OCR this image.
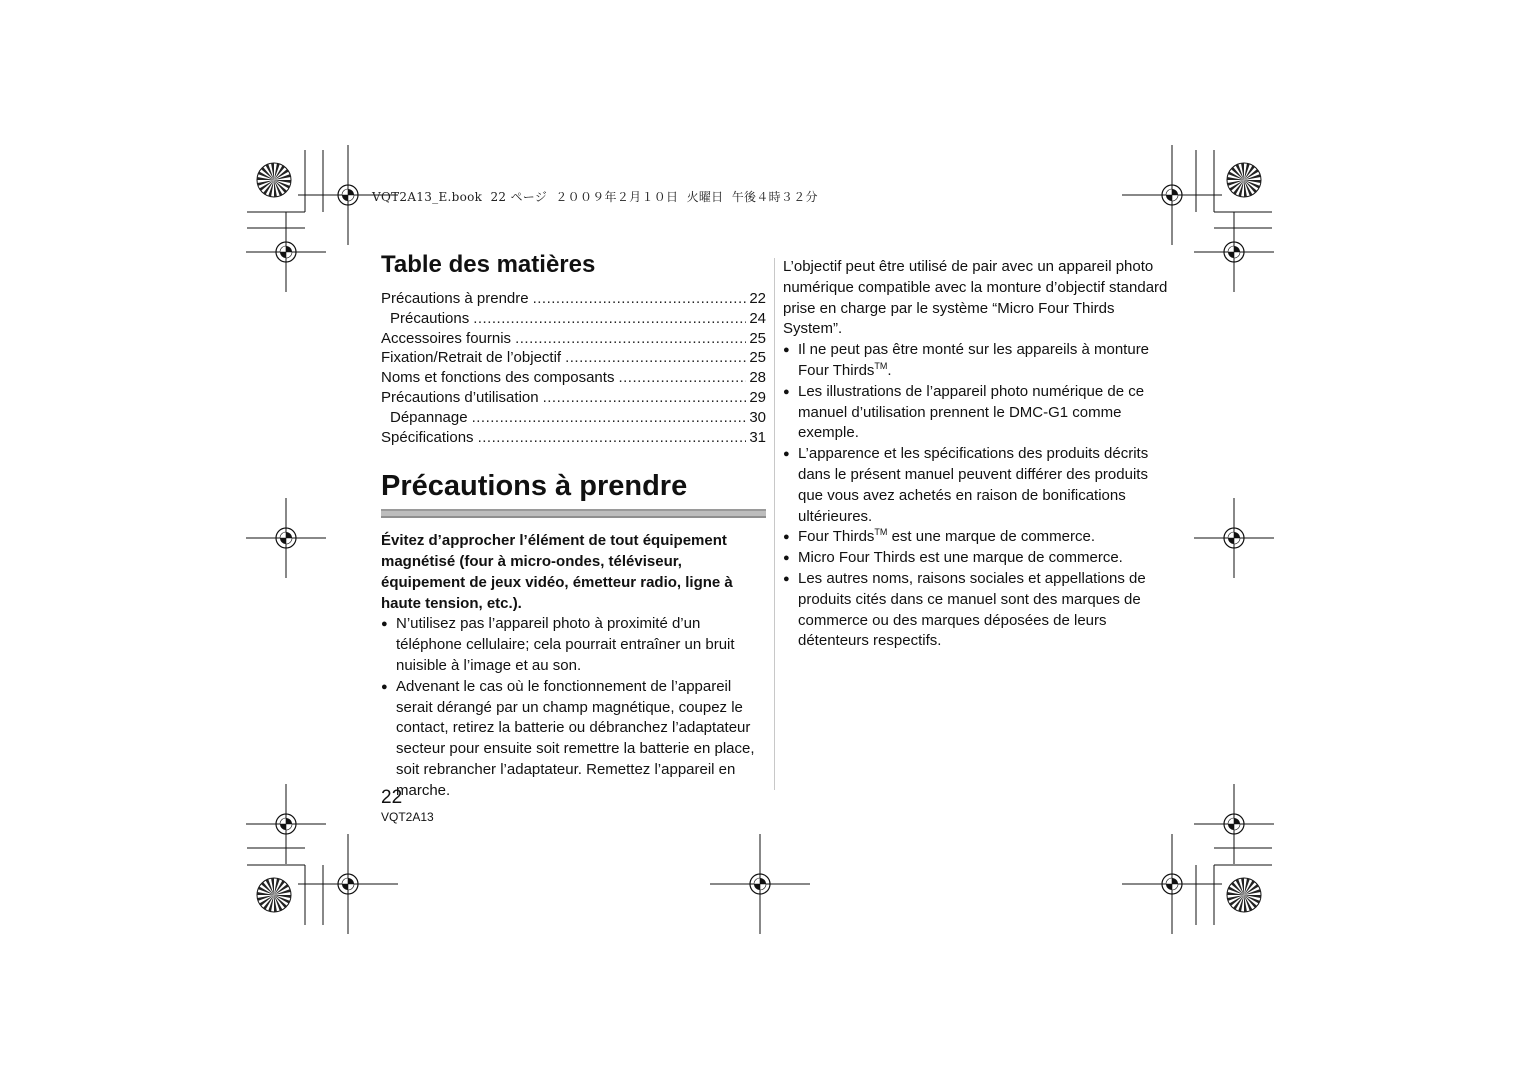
VQT2A13_E.book  22 ページ  ２００９年２月１０日  火曜日  午後４時３２分
Table des matières
Précautions à prendre .....	22
Précautions .....	24
Accessoires fournis .....	25
Fixation/Retrait de l’objectif .....	25
Noms et fonctions des composants .....	28
Précautions d’utilisation .....	29
Dépannage .....	30
Spécifications .....	31
Précautions à prendre

Évitez d’approcher l’élément de tout équipement magnétisé (four à micro-ondes, téléviseur, équipement de jeux vidéo, émetteur radio, ligne à haute tension, etc.).

● N’utilisez pas l’appareil photo à proximité d’un téléphone cellulaire; cela pourrait entraîner un bruit nuisible à l’image et au son.
● Advenant le cas où le fonctionnement de l’appareil serait dérangé par un champ magnétique, coupez le contact, retirez la batterie ou débranchez l’adaptateur secteur pour ensuite soit remettre la batterie en place, soit rebrancher l’adaptateur. Remettez l’appareil en marche.

L’objectif peut être utilisé de pair avec un appareil photo numérique compatible avec la monture d’objectif standard prise en charge par le système “Micro Four Thirds System”.

● Il ne peut pas être monté sur les appareils à monture Four Thirds™.
● Les illustrations de l’appareil photo numérique de ce manuel d’utilisation prennent le DMC-G1 comme exemple.
● L’apparence et les spécifications des produits décrits dans le présent manuel peuvent différer des produits que vous avez achetés en raison de bonifications ultérieures.
● Four Thirds™ est une marque de commerce.
● Micro Four Thirds est une marque de commerce.
● Les autres noms, raisons sociales et appellations de produits cités dans ce manuel sont des marques de commerce ou des marques déposées de leurs détenteurs respectifs.
22
VQT2A13
